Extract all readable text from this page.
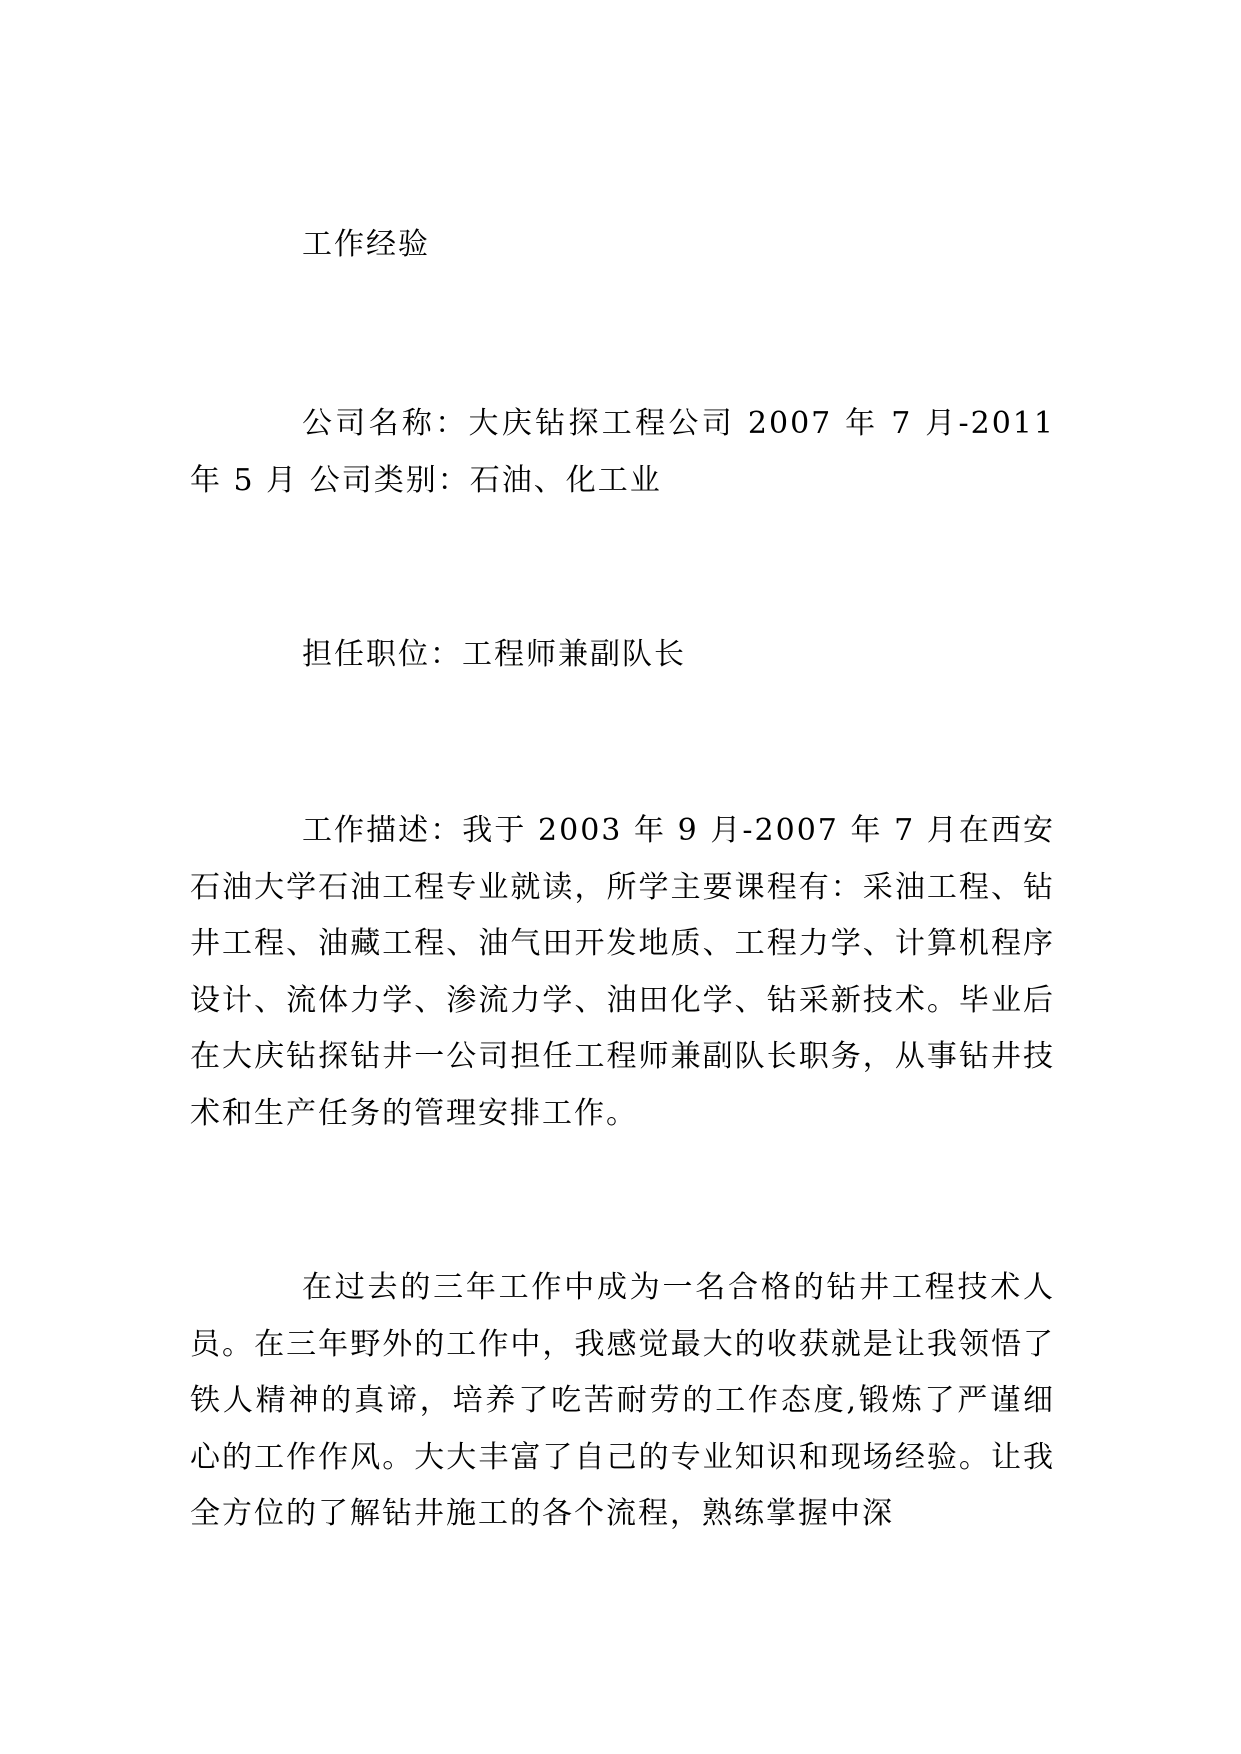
工作经验

公司名称：大庆钻探工程公司 2007 年 7 月-2011 年 5 月 公司类别：石油、化工业

担任职位：工程师兼副队长

工作描述：我于 2003 年 9 月-2007 年 7 月在西安石油大学石油工程专业就读，所学主要课程有：采油工程、钻井工程、油藏工程、油气田开发地质、工程力学、计算机程序设计、流体力学、渗流力学、油田化学、钻采新技术。毕业后在大庆钻探钻井一公司担任工程师兼副队长职务，从事钻井技术和生产任务的管理安排工作。

在过去的三年工作中成为一名合格的钻井工程技术人员。在三年野外的工作中，我感觉最大的收获就是让我领悟了铁人精神的真谛，培养了吃苦耐劳的工作态度,锻炼了严谨细心的工作作风。大大丰富了自己的专业知识和现场经验。让我全方位的了解钻井施工的各个流程，熟练掌握中深
